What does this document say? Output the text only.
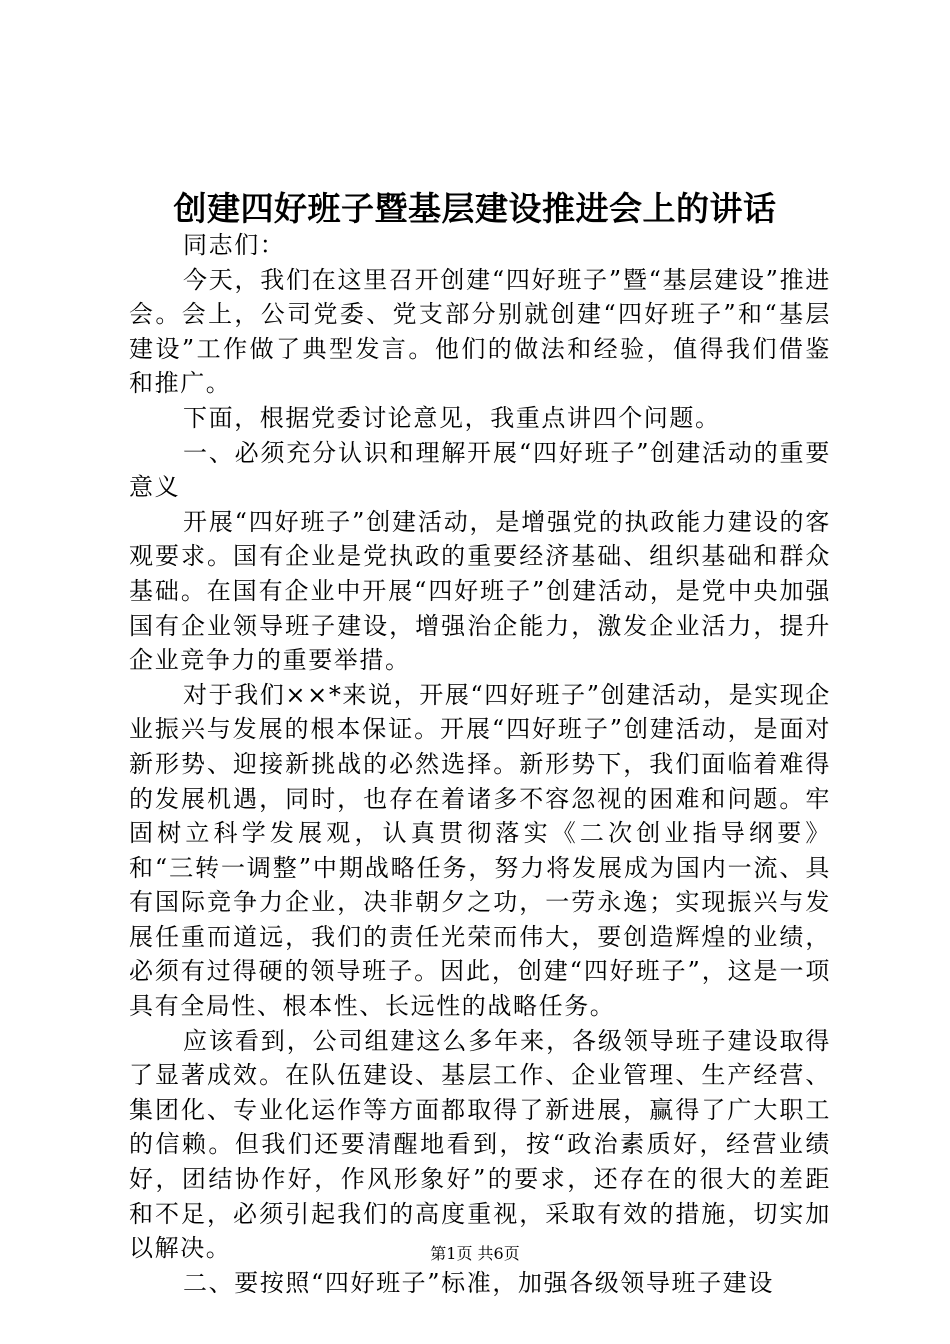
创建四好班子暨基层建设推进会上的讲话

同志们：

今天，我们在这里召开创建“四好班子”暨“基层建设”推进会。会上，公司党委、党支部分别就创建“四好班子”和“基层建设”工作做了典型发言。他们的做法和经验，值得我们借鉴和推广。

下面，根据党委讨论意见，我重点讲四个问题。

一、必须充分认识和理解开展“四好班子”创建活动的重要意义

开展“四好班子”创建活动，是增强党的执政能力建设的客观要求。国有企业是党执政的重要经济基础、组织基础和群众基础。在国有企业中开展“四好班子”创建活动，是党中央加强国有企业领导班子建设，增强治企能力，激发企业活力，提升企业竞争力的重要举措。

对于我们××*来说，开展“四好班子”创建活动，是实现企业振兴与发展的根本保证。开展“四好班子”创建活动，是面对新形势、迎接新挑战的必然选择。新形势下，我们面临着难得的发展机遇，同时，也存在着诸多不容忽视的困难和问题。牢固树立科学发展观，认真贯彻落实《二次创业指导纲要》和“三转一调整”中期战略任务，努力将发展成为国内一流、具有国际竞争力企业，决非朝夕之功，一劳永逸；实现振兴与发展任重而道远，我们的责任光荣而伟大，要创造辉煌的业绩，必须有过得硬的领导班子。因此，创建“四好班子”，这是一项具有全局性、根本性、长远性的战略任务。

应该看到，公司组建这么多年来，各级领导班子建设取得了显著成效。在队伍建设、基层工作、企业管理、生产经营、集团化、专业化运作等方面都取得了新进展，赢得了广大职工的信赖。但我们还要清醒地看到，按“政治素质好，经营业绩好，团结协作好，作风形象好”的要求，还存在的很大的差距和不足，必须引起我们的高度重视，采取有效的措施，切实加以解决。

二、要按照“四好班子”标准，加强各级领导班子建设

第1页 共6页
